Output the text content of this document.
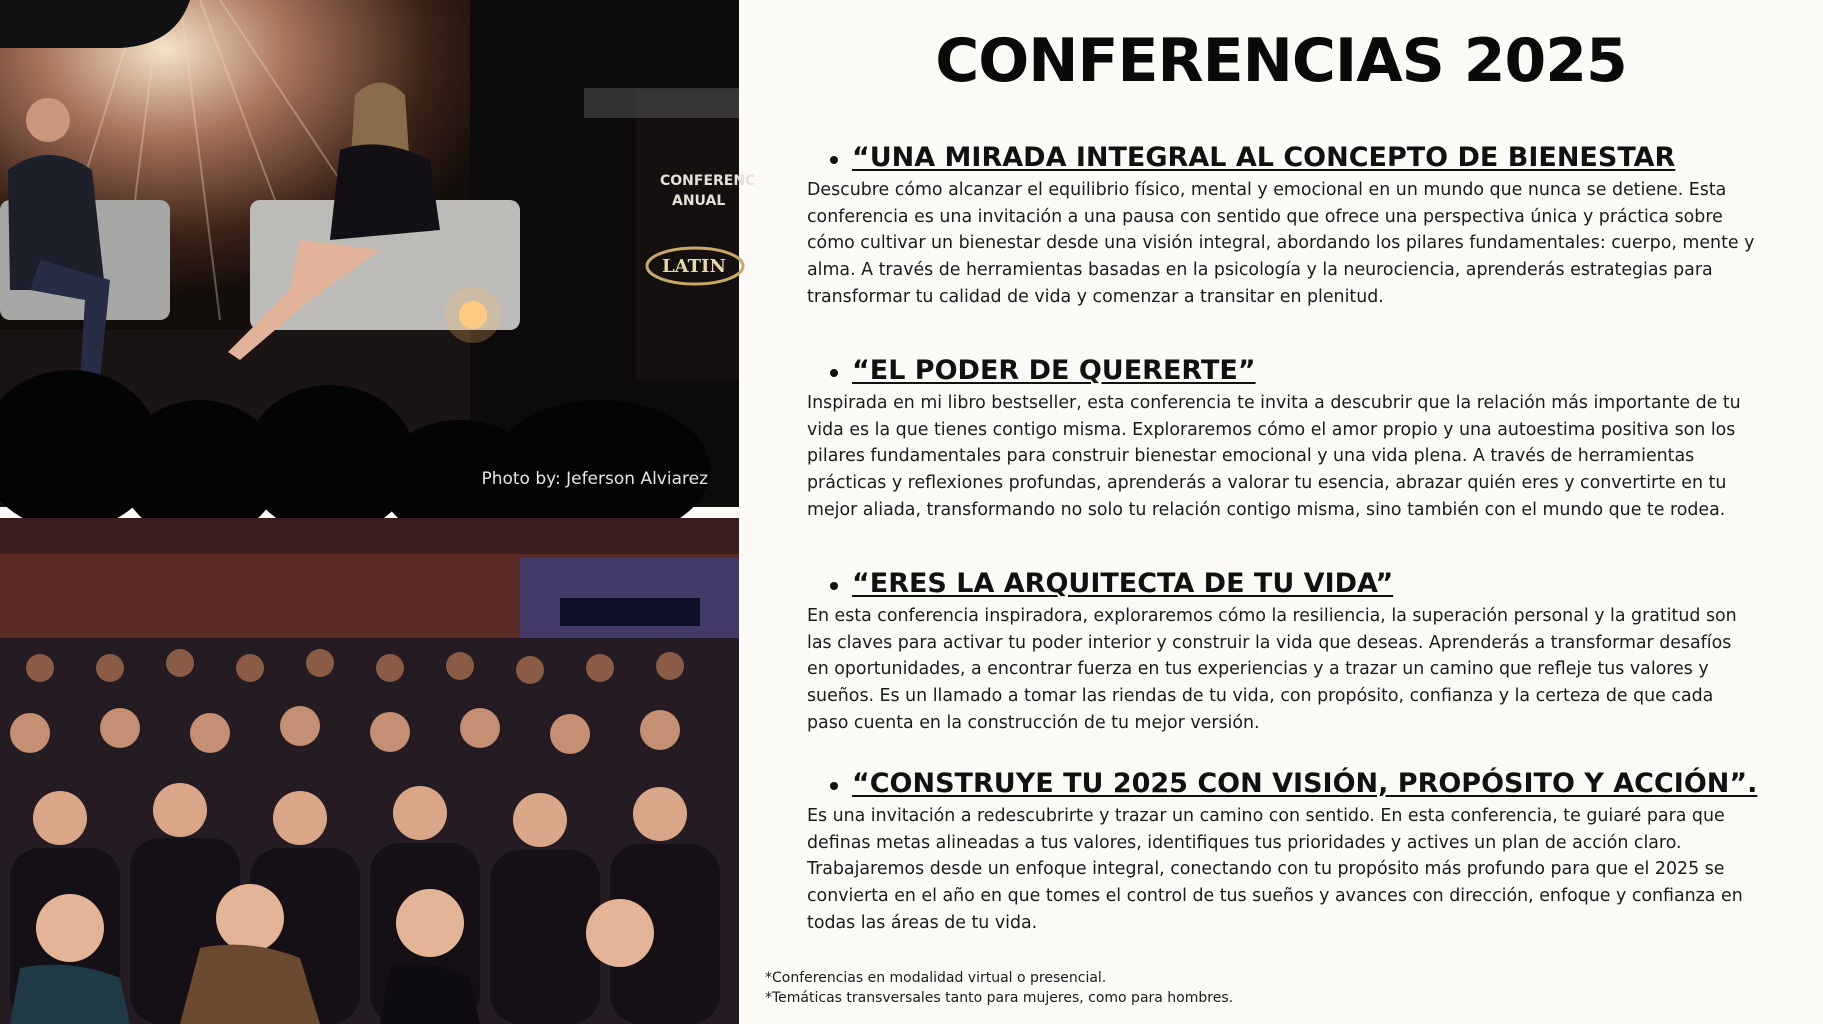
CONFERENC
ANUAL
LATIN
Photo by: Jeferson Alviarez
CONFERENCIAS 2025

“UNA MIRADA INTEGRAL AL CONCEPTO DE BIENESTAR

Descubre cómo alcanzar el equilibrio físico, mental y emocional en un mundo que nunca se detiene. Esta conferencia es una invitación a una pausa con sentido que ofrece una perspectiva única y práctica sobre cómo cultivar un bienestar desde una visión integral, abordando los pilares fundamentales: cuerpo, mente y alma. A través de herramientas basadas en la psicología y la neurociencia, aprenderás estrategias para transformar tu calidad de vida y comenzar a transitar en plenitud.

“EL PODER DE QUERERTE”

Inspirada en mi libro bestseller, esta conferencia te invita a descubrir que la relación más importante de tu vida es la que tienes contigo misma. Exploraremos cómo el amor propio y una autoestima positiva son los pilares fundamentales para construir bienestar emocional y una vida plena. A través de herramientas prácticas y reflexiones profundas, aprenderás a valorar tu esencia, abrazar quién eres y convertirte en tu mejor aliada, transformando no solo tu relación contigo misma, sino también con el mundo que te rodea.

“ERES LA ARQUITECTA DE TU VIDA”

En esta conferencia inspiradora, exploraremos cómo la resiliencia, la superación personal y la gratitud son las claves para activar tu poder interior y construir la vida que deseas. Aprenderás a transformar desafíos en oportunidades, a encontrar fuerza en tus experiencias y a trazar un camino que refleje tus valores y sueños. Es un llamado a tomar las riendas de tu vida, con propósito, confianza y la certeza de que cada paso cuenta en la construcción de tu mejor versión.

“CONSTRUYE TU 2025 CON VISIÓN, PROPÓSITO Y ACCIÓN”.

Es una invitación a redescubrirte y trazar un camino con sentido. En esta conferencia, te guiaré para que definas metas alineadas a tus valores, identifiques tus prioridades y actives un plan de acción claro. Trabajaremos desde un enfoque integral, conectando con tu propósito más profundo para que el 2025 se convierta en el año en que tomes el control de tus sueños y avances con dirección, enfoque y confianza en todas las áreas de tu vida.

*Conferencias en modalidad virtual o presencial.
*Temáticas transversales tanto para mujeres, como para hombres.
